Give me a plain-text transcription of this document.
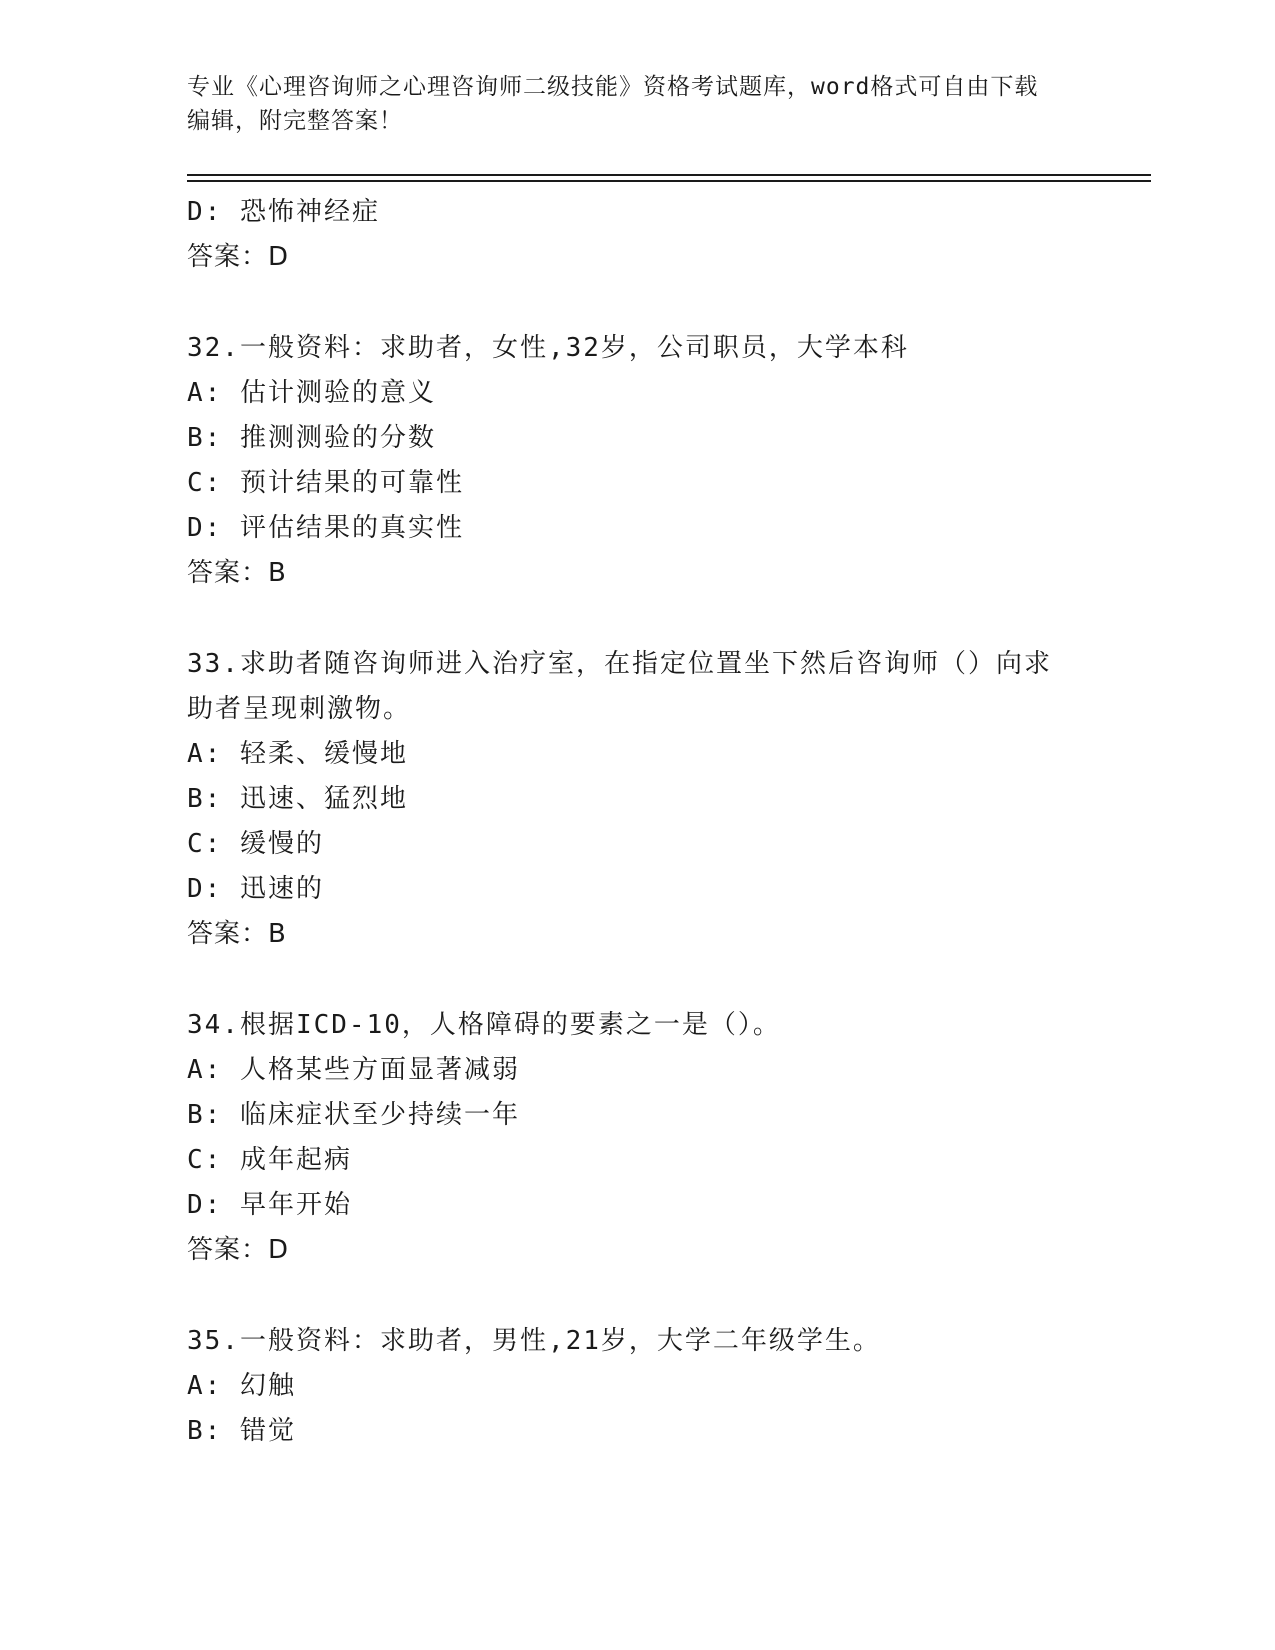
专业《心理咨询师之心理咨询师二级技能》资格考试题库，word格式可自由下载
编辑，附完整答案！
D: 恐怖神经症
答案：D
32.一般资料：求助者，女性,32岁，公司职员，大学本科
A: 估计测验的意义
B: 推测测验的分数
C: 预计结果的可靠性
D: 评估结果的真实性
答案：B
33.求助者随咨询师进入治疗室，在指定位置坐下然后咨询师（）向求
助者呈现刺激物。
A: 轻柔、缓慢地
B: 迅速、猛烈地
C: 缓慢的
D: 迅速的
答案：B
34.根据ICD-10，人格障碍的要素之一是（）。
A: 人格某些方面显著减弱
B: 临床症状至少持续一年
C: 成年起病
D: 早年开始
答案：D
35.一般资料：求助者，男性,21岁，大学二年级学生。
A: 幻触
B: 错觉
